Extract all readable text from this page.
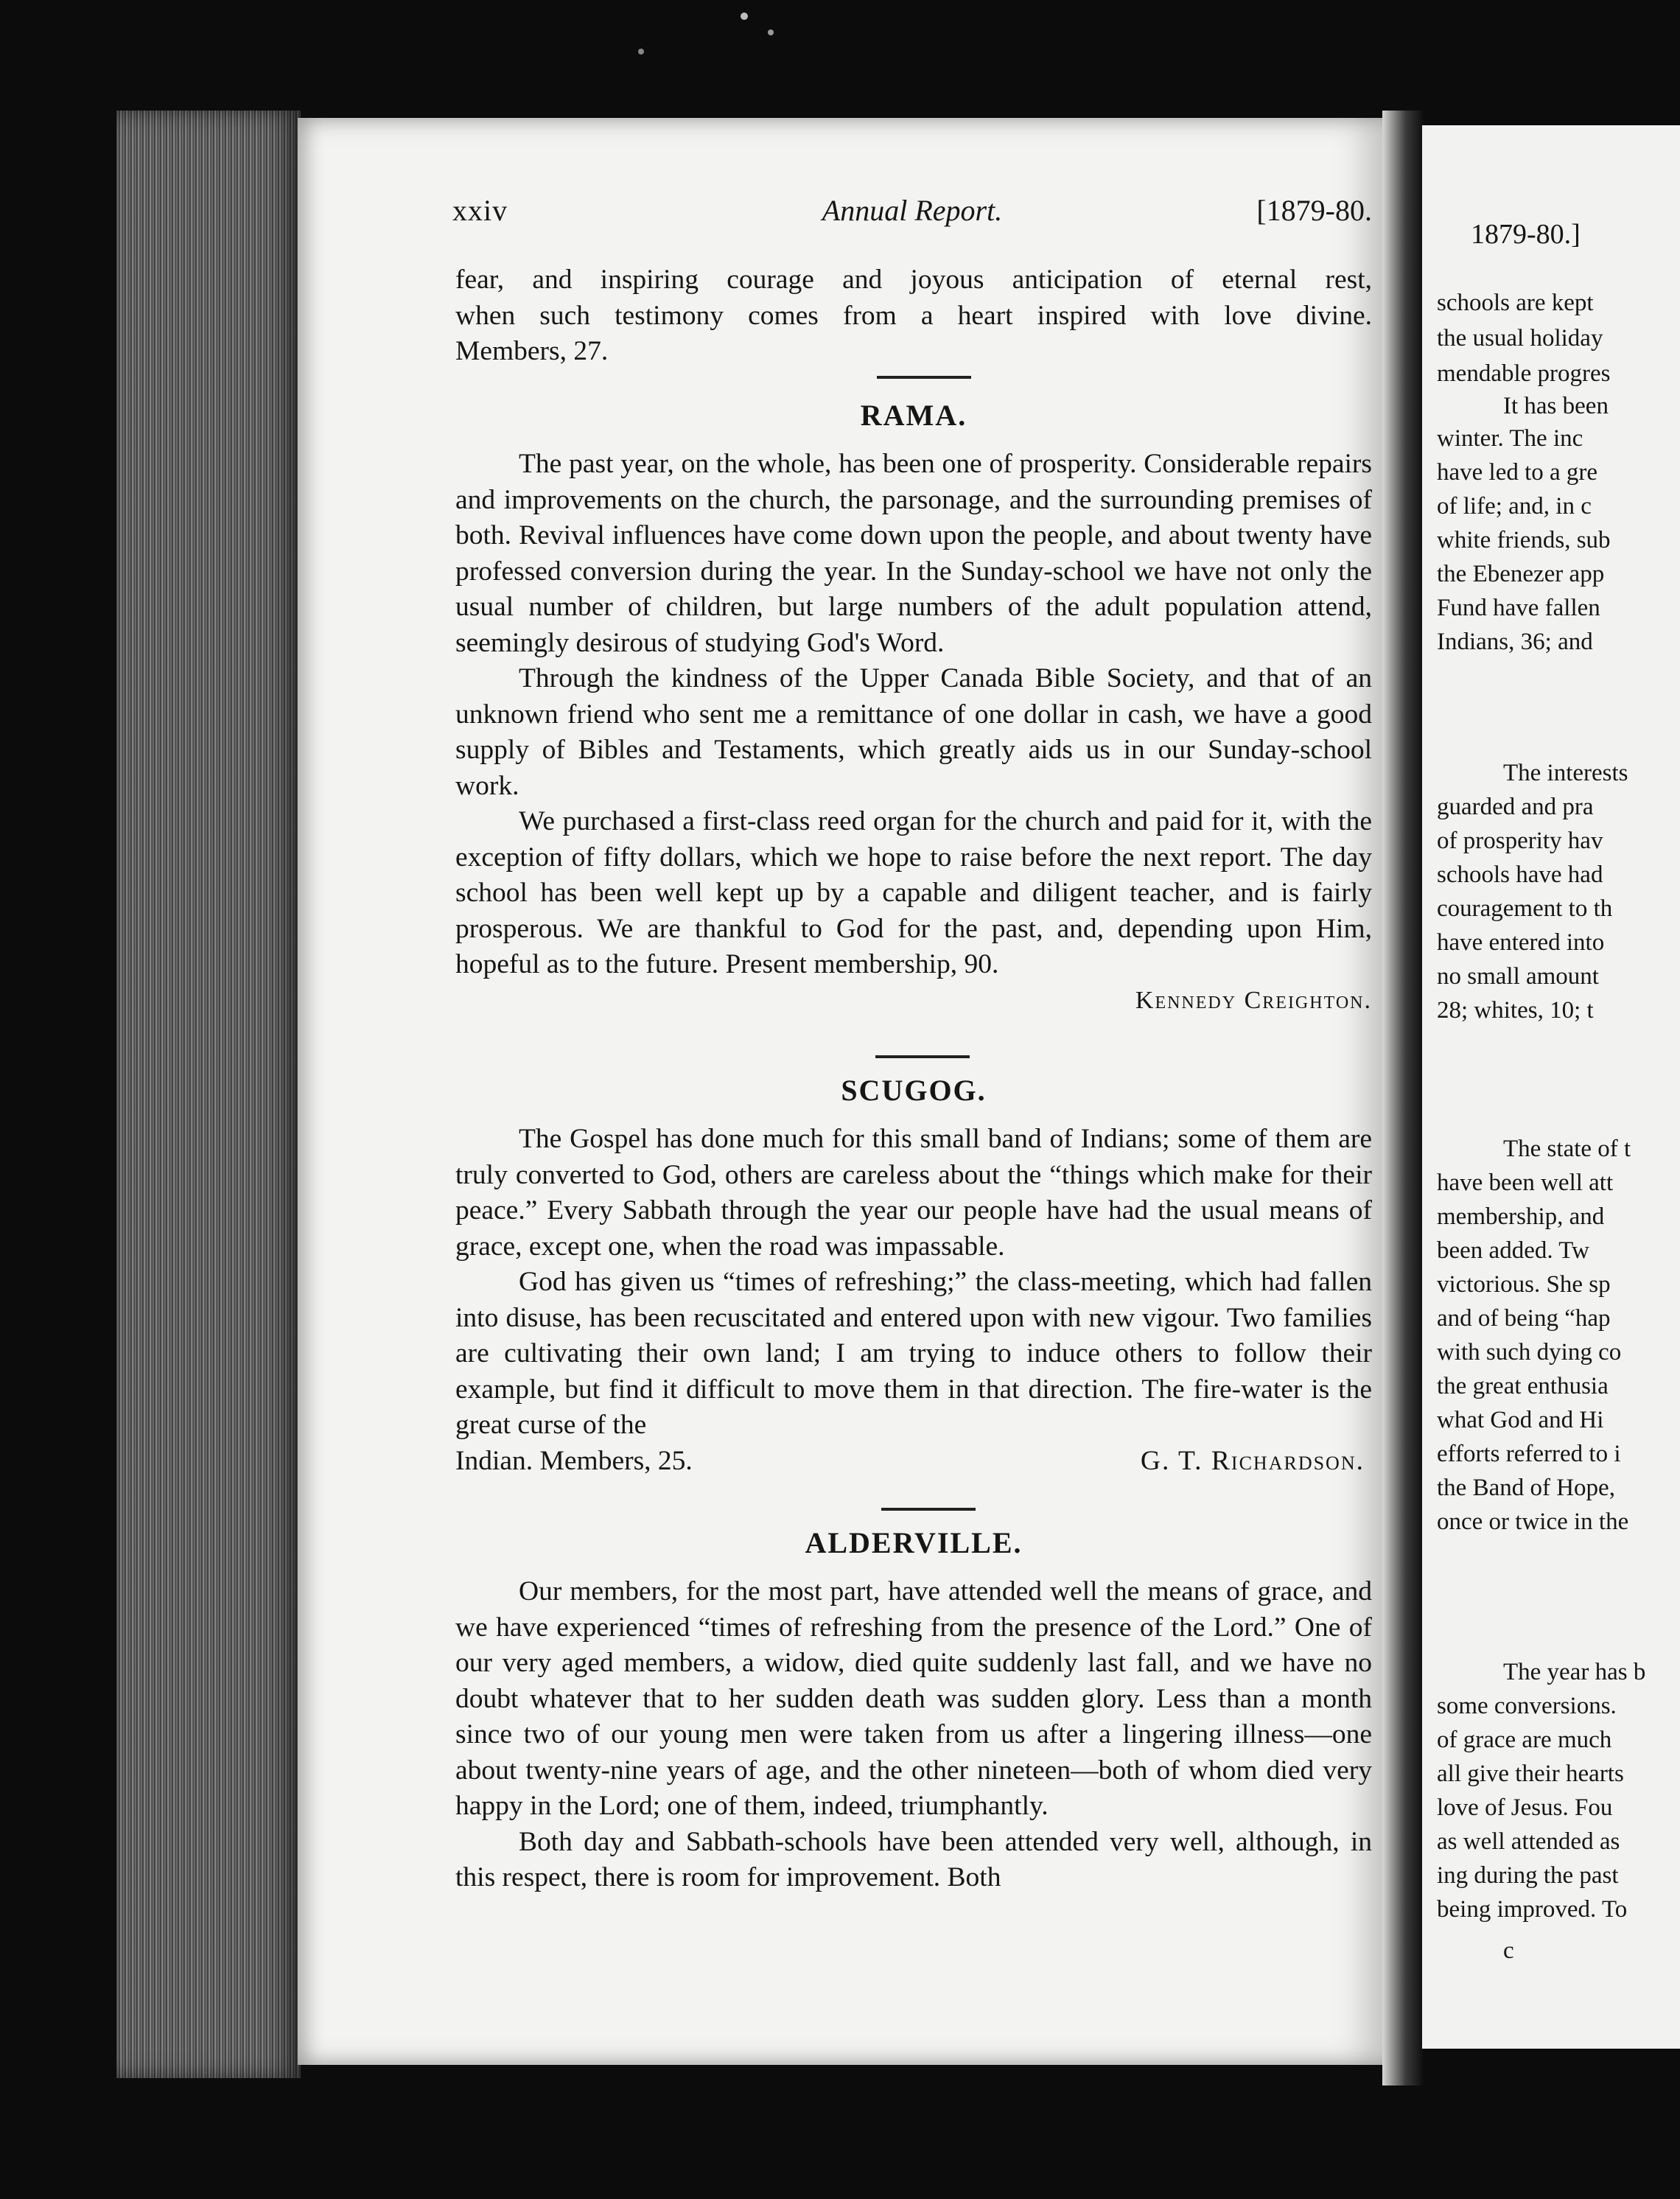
xxiv	Annual Report.	[1879-80.

fear, and inspiring courage and joyous anticipation of eternal rest,

when such testimony comes from a heart inspired with love divine.

Members, 27.

RAMA.

The past year, on the whole, has been one of prosperity. Considerable repairs and improvements on the church, the parsonage, and the surrounding premises of both. Revival influences have come down upon the people, and about twenty have professed conversion during the year. In the Sunday-school we have not only the usual number of children, but large numbers of the adult population attend, seemingly desirous of studying God's Word.

Through the kindness of the Upper Canada Bible Society, and that of an unknown friend who sent me a remittance of one dollar in cash, we have a good supply of Bibles and Testaments, which greatly aids us in our Sunday-school work.

We purchased a first-class reed organ for the church and paid for it, with the exception of fifty dollars, which we hope to raise before the next report. The day school has been well kept up by a capable and diligent teacher, and is fairly prosperous. We are thankful to God for the past, and, depending upon Him, hopeful as to the future. Present membership, 90.

Kennedy Creighton.

SCUGOG.

The Gospel has done much for this small band of Indians; some of them are truly converted to God, others are careless about the “things which make for their peace.” Every Sabbath through the year our people have had the usual means of grace, except one, when the road was impassable.

God has given us “times of refreshing;” the class-meeting, which had fallen into disuse, has been recuscitated and entered upon with new vigour. Two families are cultivating their own land; I am trying to induce others to follow their example, but find it difficult to move them in that direction. The fire-water is the great curse of the

Indian. Members, 25.	G. T. Richardson.
ALDERVILLE.

Our members, for the most part, have attended well the means of grace, and we have experienced “times of refreshing from the presence of the Lord.” One of our very aged members, a widow, died quite suddenly last fall, and we have no doubt whatever that to her sudden death was sudden glory. Less than a month since two of our young men were taken from us after a lingering illness—one about twenty-nine years of age, and the other nineteen—both of whom died very happy in the Lord; one of them, indeed, triumphantly.

Both day and Sabbath-schools have been attended very well, although, in this respect, there is room for improvement. Both

1879-80.]
schools are kept
the usual holiday
mendable progres
It has been
winter. The inc
have led to a gre
of life; and, in c
white friends, sub
the Ebenezer app
Fund have fallen
Indians, 36; and
The interests
guarded and pra
of prosperity hav
schools have had
couragement to th
have entered into
no small amount
28; whites, 10; t
The state of t
have been well att
membership, and
been added. Tw
victorious. She sp
and of being “hap
with such dying co
the great enthusia
what God and Hi
efforts referred to i
the Band of Hope,
once or twice in the
The year has b
some conversions.
of grace are much
all give their hearts
love of Jesus. Fou
as well attended as
ing during the past
being improved. To
c
